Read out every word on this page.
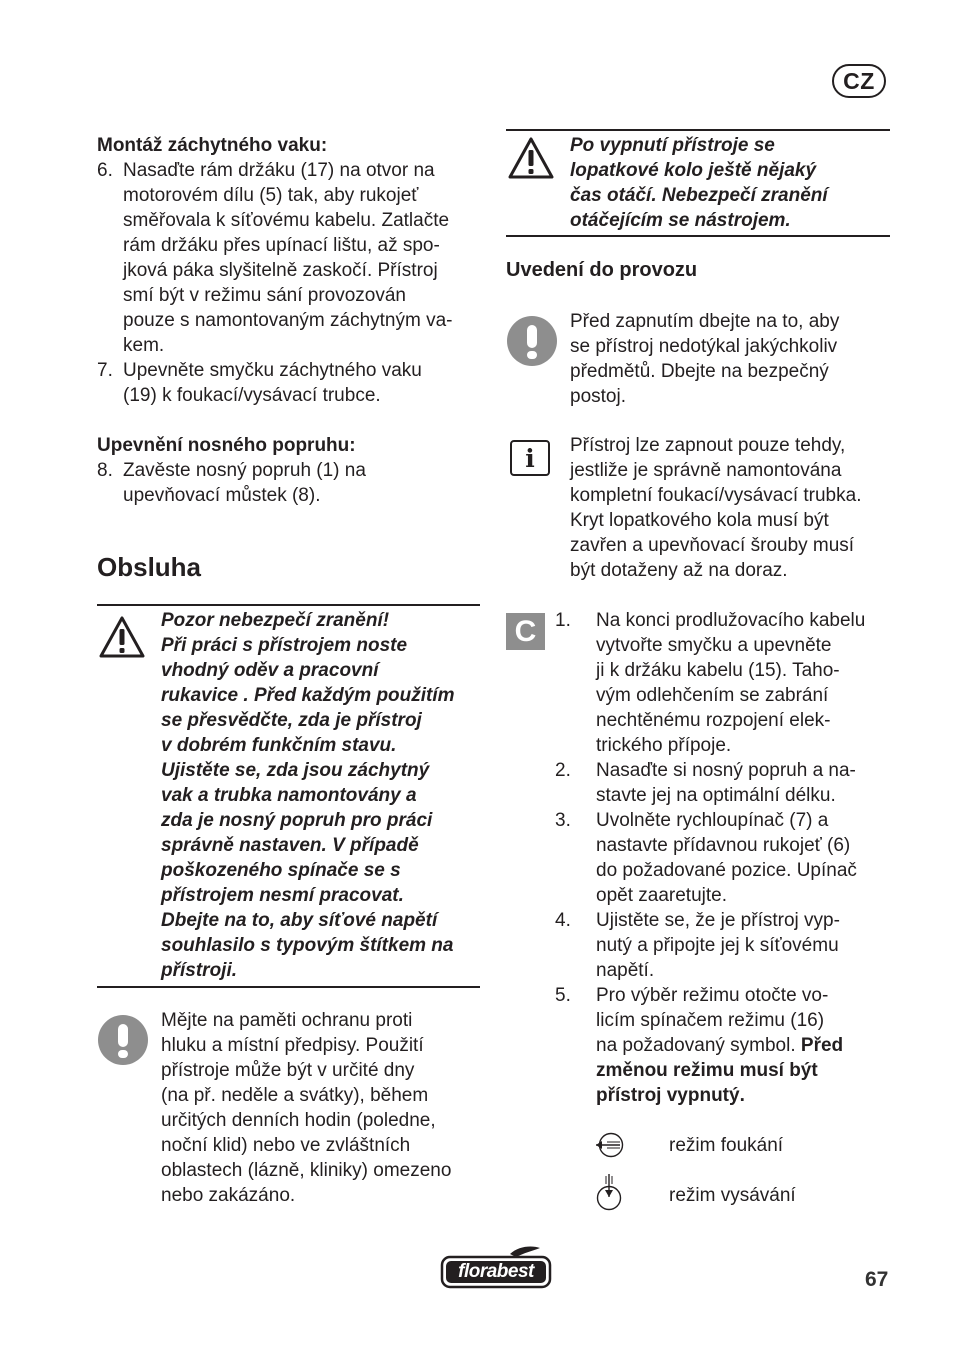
CZ
Montáž záchytného vaku:
6. Nasaďte rám držáku (17) na otvor na
motorovém dílu (5) tak, aby rukojeť
směřovala k síťovému kabelu. Zatlačte
rám držáku přes upínací lištu, až spo-
jková páka slyšitelně zaskočí. Přístroj
smí být v režimu sání provozován
pouze s namontovaným záchytným va-
kem.
7. Upevněte smyčku záchytného vaku
(19) k foukací/vysávací trubce.
Upevnění nosného popruhu:
8. Zavěste nosný popruh (1) na
upevňovací můstek (8).
Obsluha
Pozor nebezpečí zranění!
Při práci s přístrojem noste
vhodný oděv a pracovní
rukavice . Před každým použitím
se přesvědčte, zda je přístroj
v dobrém funkčním stavu.
Ujistěte se, zda jsou záchytný
vak a trubka namontovány a
zda je nosný popruh pro práci
správně nastaven. V případě
poškozeného spínače se s
přístrojem nesmí pracovat.
Dbejte na to, aby síťové napětí
souhlasilo s typovým štítkem na
přístroji.
Mějte na paměti ochranu proti
hluku a místní předpisy. Použití
přístroje může být v určité dny
(na př. neděle a svátky), během
určitých denních hodin (poledne,
noční klid) nebo ve zvláštních
oblastech (lázně, kliniky) omezeno
nebo zakázáno.
Po vypnutí přístroje se
lopatkové kolo ještě nějaký
čas otáčí. Nebezpečí zranění
otáčejícím se nástrojem.
Uvedení do provozu
Před zapnutím dbejte na to, aby
se přístroj nedotýkal jakýchkoliv
předmětů. Dbejte na bezpečný
postoj.
i	Přístroj lze zapnout pouze tehdy,
jestliže je správně namontována
kompletní foukací/vysávací trubka.
Kryt lopatkového kola musí být
zavřen a upevňovací šrouby musí
být dotaženy až na doraz.
C 1. Na konci prodlužovacího kabelu
vytvořte smyčku a upevněte
ji k držáku kabelu (15). Taho-
vým odlehčením se zabrání
nechtěnému rozpojení elek-
trického přípoje.
2. Nasaďte si nosný popruh a na-
stavte jej na optimální délku.
3. Uvolněte rychloupínač (7) a
nastavte přídavnou rukojeť (6)
do požadované pozice. Upínač
opět zaaretujte.
4. Ujistěte se, že je přístroj vyp-
nutý a připojte jej k síťovému
napětí.
5. Pro výběr režimu otočte vo-
licím spínačem režimu (16)
na požadovaný symbol. Před
změnou režimu musí být
přístroj vypnutý.
režim foukání
režim vysávání
florabest	67
